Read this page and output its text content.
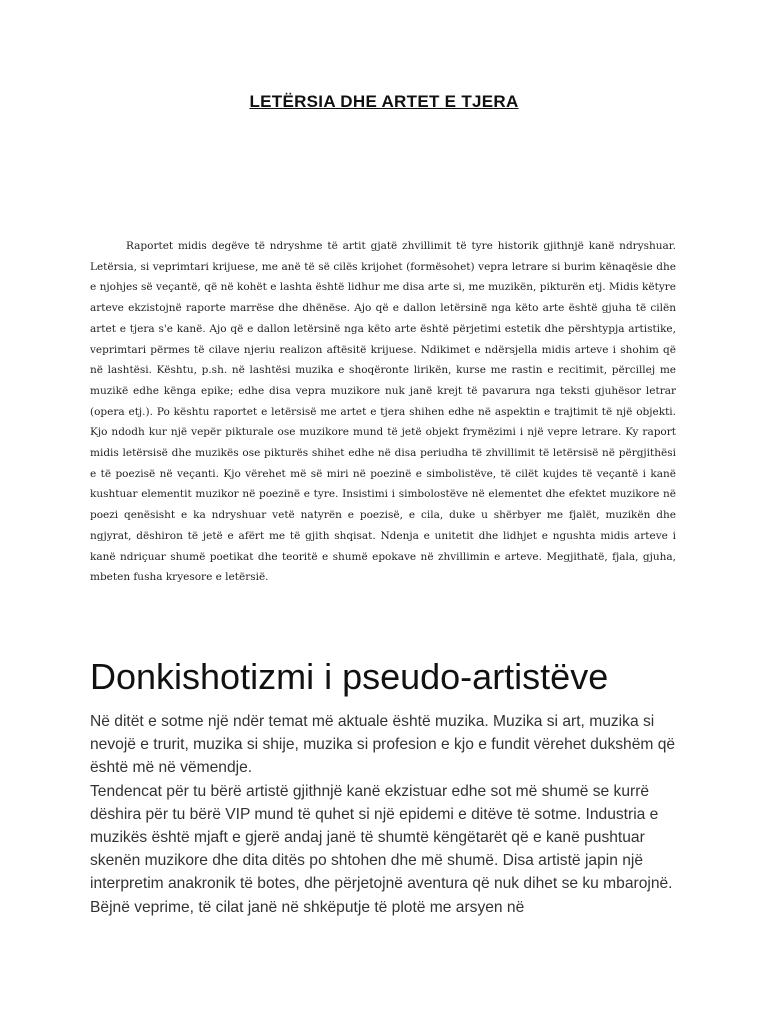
LETËRSIA DHE ARTET E TJERA

Raportet midis degëve të ndryshme të artit gjatë zhvillimit të tyre historik gjithnjë kanë ndryshuar. Letërsia, si veprimtari krijuese, me anë të së cilës krijohet (formësohet) vepra letrare si burim kënaqësie dhe e njohjes së veçantë, që në kohët e lashta është lidhur me disa arte si, me muzikën, pikturën etj. Midis këtyre arteve ekzistojnë raporte marrëse dhe dhënëse. Ajo që e dallon letërsinë nga këto arte është gjuha të cilën artet e tjera s'e kanë. Ajo që e dallon letërsinë nga këto arte është përjetimi estetik dhe përshtypja artistike, veprimtari përmes të cilave njeriu realizon aftësitë krijuese. Ndikimet e ndërsjella midis arteve i shohim që në lashtësi. Kështu, p.sh. në lashtësi muzika e shoqëronte lirikën, kurse me rastin e recitimit, përcillej me muzikë edhe kënga epike; edhe disa vepra muzikore nuk janë krejt të pavarura nga teksti gjuhësor letrar (opera etj.). Po kështu raportet e letërsisë me artet e tjera shihen edhe në aspektin e trajtimit të një objekti. Kjo ndodh kur një vepër pikturale ose muzikore mund të jetë objekt frymëzimi i një vepre letrare. Ky raport midis letërsisë dhe muzikës ose pikturës shihet edhe në disa periudha të zhvillimit të letërsisë në përgjithësi e të poezisë në veçanti. Kjo vërehet më së miri në poezinë e simbolistëve, të cilët kujdes të veçantë i kanë kushtuar elementit muzikor në poezinë e tyre. Insistimi i simbolostëve në elementet dhe efektet muzikore në poezi qenësisht e ka ndryshuar vetë natyrën e poezisë, e cila, duke u shërbyer me fjalët, muzikën dhe ngjyrat, dëshiron të jetë e afërt me të gjith shqisat. Ndenja e unitetit dhe lidhjet e ngushta midis arteve i kanë ndriçuar shumë poetikat dhe teoritë e shumë epokave në zhvillimin e arteve. Megjithatë, fjala, gjuha, mbeten fusha kryesore e letërsië.

Donkishotizmi i pseudo-artistëve

Në ditët e sotme një ndër temat më aktuale është muzika. Muzika si art, muzika si nevojë e trurit, muzika si shije, muzika si profesion e kjo e fundit vërehet dukshëm që është më në vëmendje.

Tendencat për tu bërë artistë gjithnjë kanë ekzistuar edhe sot më shumë se kurrë dëshira për tu bërë VIP mund të quhet si një epidemi e ditëve të sotme. Industria e muzikës është mjaft e gjerë andaj janë të shumtë këngëtarët që e kanë pushtuar skenën muzikore dhe dita ditës po shtohen dhe më shumë. Disa artistë japin një interpretim anakronik të botes, dhe përjetojnë aventura që nuk dihet se ku mbarojnë. Bëjnë veprime, të cilat janë në shkëputje të plotë me arsyen në
